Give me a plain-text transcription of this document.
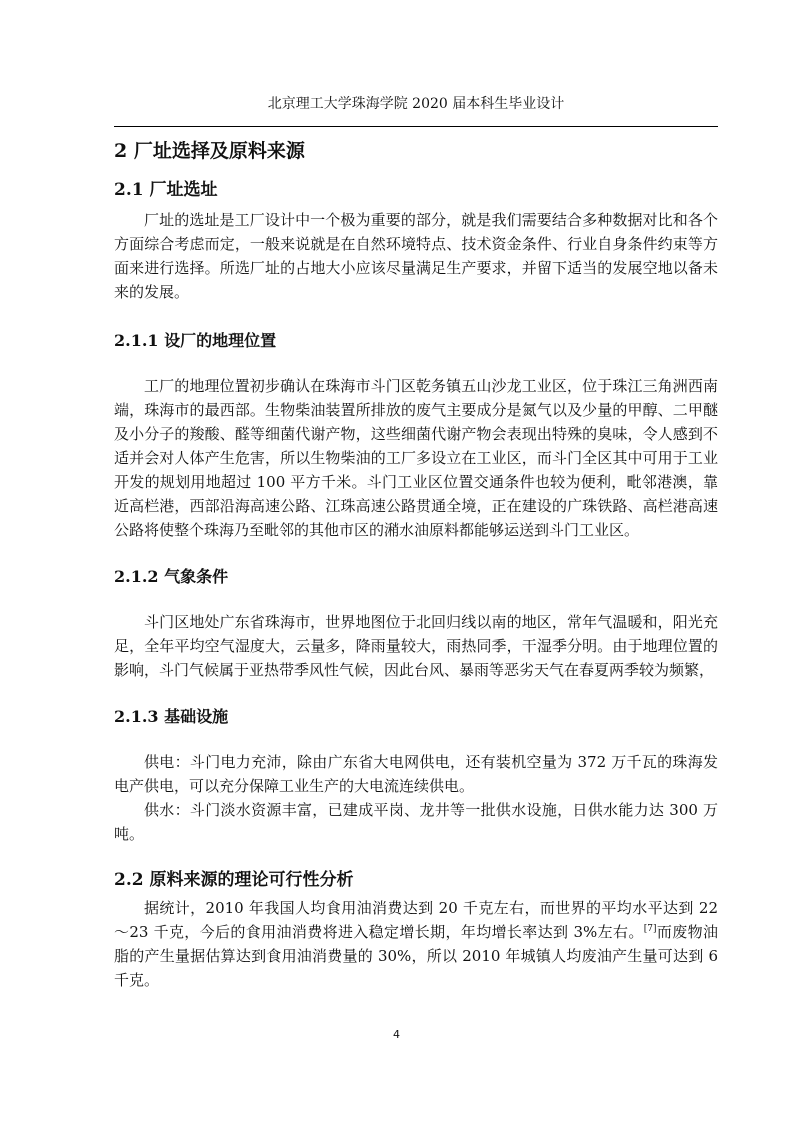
北京理工大学珠海学院 2020 届本科生毕业设计
2 厂址选择及原料来源
2.1 厂址选址

厂址的选址是工厂设计中一个极为重要的部分，就是我们需要结合多种数据对比和各个方面综合考虑而定，一般来说就是在自然环境特点、技术资金条件、行业自身条件约束等方面来进行选择。所选厂址的占地大小应该尽量满足生产要求，并留下适当的发展空地以备未来的发展。

2.1.1 设厂的地理位置

工厂的地理位置初步确认在珠海市斗门区乾务镇五山沙龙工业区，位于珠江三角洲西南端，珠海市的最西部。生物柴油装置所排放的废气主要成分是氮气以及少量的甲醇、二甲醚及小分子的羧酸、醛等细菌代谢产物，这些细菌代谢产物会表现出特殊的臭味，令人感到不适并会对人体产生危害，所以生物柴油的工厂多设立在工业区，而斗门全区其中可用于工业开发的规划用地超过 100 平方千米。斗门工业区位置交通条件也较为便利，毗邻港澳，靠近高栏港，西部沿海高速公路、江珠高速公路贯通全境，正在建设的广珠铁路、高栏港高速公路将使整个珠海乃至毗邻的其他市区的潲水油原料都能够运送到斗门工业区。

2.1.2 气象条件

斗门区地处广东省珠海市，世界地图位于北回归线以南的地区，常年气温暖和，阳光充足，全年平均空气湿度大，云量多，降雨量较大，雨热同季，干湿季分明。由于地理位置的影响，斗门气候属于亚热带季风性气候，因此台风、暴雨等恶劣天气在春夏两季较为频繁，

2.1.3 基础设施

供电：斗门电力充沛，除由广东省大电网供电，还有装机空量为 372 万千瓦的珠海发电产供电，可以充分保障工业生产的大电流连续供电。

供水：斗门淡水资源丰富，已建成平岗、龙井等一批供水设施，日供水能力达 300 万吨。

2.2 原料来源的理论可行性分析

据统计，2010 年我国人均食用油消费达到 20 千克左右，而世界的平均水平达到 22～23 千克，今后的食用油消费将进入稳定增长期，年均增长率达到 3%左右。[7]而废物油脂的产生量据估算达到食用油消费量的 30%，所以 2010 年城镇人均废油产生量可达到 6 千克。

4
